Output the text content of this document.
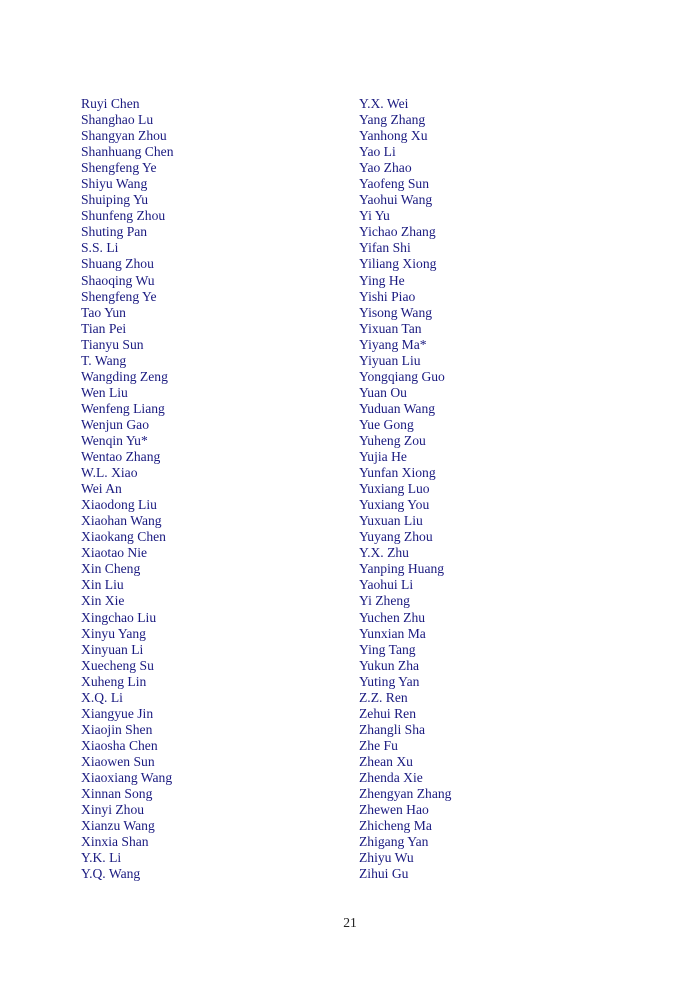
Ruyi Chen
Shanghao Lu
Shangyan Zhou
Shanhuang Chen
Shengfeng Ye
Shiyu Wang
Shuiping Yu
Shunfeng Zhou
Shuting Pan
S.S. Li
Shuang Zhou
Shaoqing Wu
Shengfeng Ye
Tao Yun
Tian Pei
Tianyu Sun
T. Wang
Wangding Zeng
Wen Liu
Wenfeng Liang
Wenjun Gao
Wenqin Yu*
Wentao Zhang
W.L. Xiao
Wei An
Xiaodong Liu
Xiaohan Wang
Xiaokang Chen
Xiaotao Nie
Xin Cheng
Xin Liu
Xin Xie
Xingchao Liu
Xinyu Yang
Xinyuan Li
Xuecheng Su
Xuheng Lin
X.Q. Li
Xiangyue Jin
Xiaojin Shen
Xiaosha Chen
Xiaowen Sun
Xiaoxiang Wang
Xinnan Song
Xinyi Zhou
Xianzu Wang
Xinxia Shan
Y.K. Li
Y.Q. Wang
Y.X. Wei
Yang Zhang
Yanhong Xu
Yao Li
Yao Zhao
Yaofeng Sun
Yaohui Wang
Yi Yu
Yichao Zhang
Yifan Shi
Yiliang Xiong
Ying He
Yishi Piao
Yisong Wang
Yixuan Tan
Yiyang Ma*
Yiyuan Liu
Yongqiang Guo
Yuan Ou
Yuduan Wang
Yue Gong
Yuheng Zou
Yujia He
Yunfan Xiong
Yuxiang Luo
Yuxiang You
Yuxuan Liu
Yuyang Zhou
Y.X. Zhu
Yanping Huang
Yaohui Li
Yi Zheng
Yuchen Zhu
Yunxian Ma
Ying Tang
Yukun Zha
Yuting Yan
Z.Z. Ren
Zehui Ren
Zhangli Sha
Zhe Fu
Zhean Xu
Zhenda Xie
Zhengyan Zhang
Zhewen Hao
Zhicheng Ma
Zhigang Yan
Zhiyu Wu
Zihui Gu
21
